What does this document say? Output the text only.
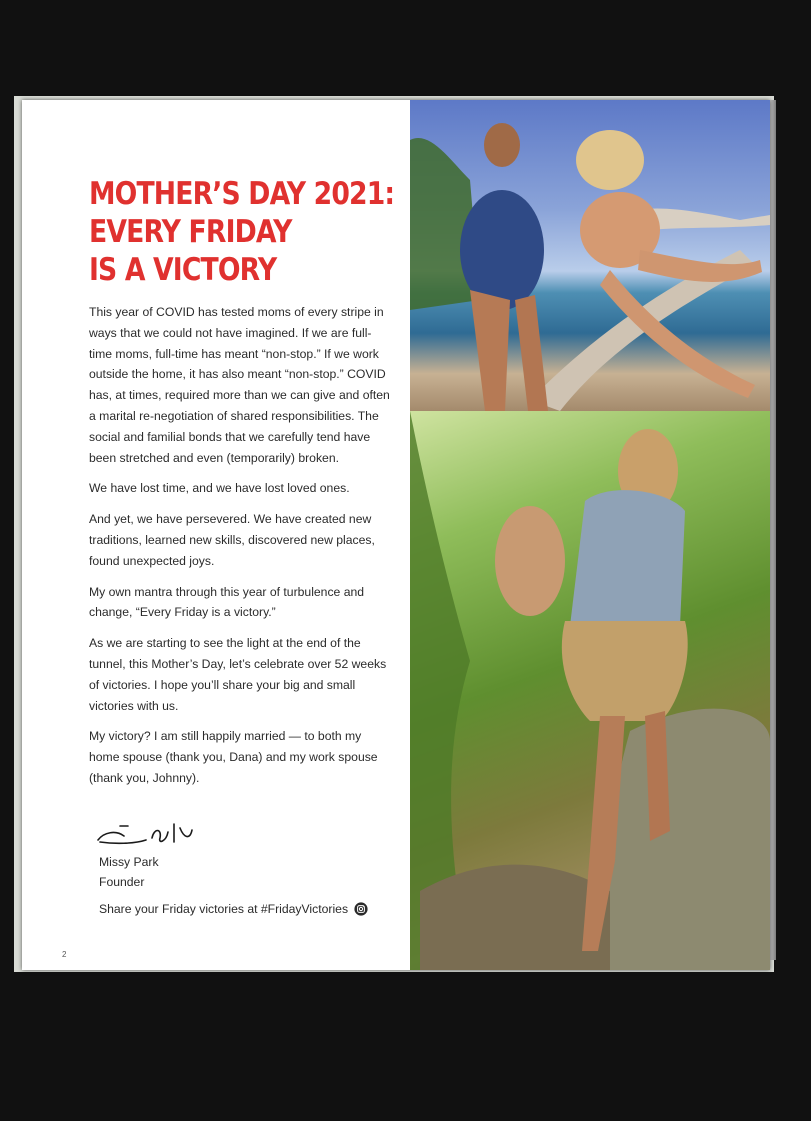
MOTHER’S DAY 2021:
EVERY FRIDAY
IS A VICTORY

This year of COVID has tested moms of every stripe in ways that we could not have imagined. If we are full-time moms, full-time has meant “non-stop.” If we work outside the home, it has also meant “non-stop.” COVID has, at times, required more than we can give and often a marital re-negotiation of shared responsibilities. The social and familial bonds that we carefully tend have been stretched and even (temporarily) broken.

We have lost time, and we have lost loved ones.

And yet, we have persevered. We have created new traditions, learned new skills, discovered new places, found unexpected joys.

My own mantra through this year of turbulence and change, “Every Friday is a victory.”

As we are starting to see the light at the end of the tunnel, this Mother’s Day, let’s celebrate over 52 weeks of victories. I hope you’ll share your big and small victories with us.

My victory? I am still happily married — to both my home spouse (thank you, Dana) and my work spouse (thank you, Johnny).

Missy Park
Founder
Share your Friday victories at #FridayVictories
2
